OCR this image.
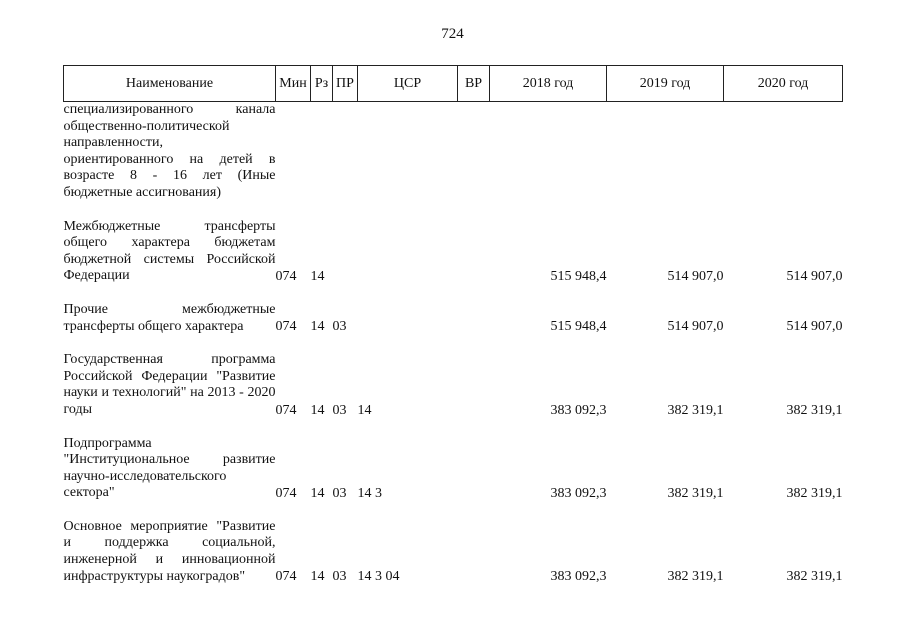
724
Наименование	Мин	Рз	ПР	ЦСР	ВР	2018 год	2019 год	2020 год
специализированного канала общественно-политической направленности, ориентированного на детей в возрасте 8 - 16 лет (Иные бюджетные ассигнования)								
Межбюджетные трансферты общего характера бюджетам бюджетной системы Российской Федерации	074	14				515 948,4	514 907,0	514 907,0
Прочие межбюджетные трансферты общего характера	074	14	03			515 948,4	514 907,0	514 907,0
Государственная программа Российской Федерации "Развитие науки и технологий" на 2013 - 2020 годы	074	14	03	14		383 092,3	382 319,1	382 319,1
Подпрограмма "Институциональное развитие научно-исследовательского сектора"	074	14	03	14 3		383 092,3	382 319,1	382 319,1
Основное мероприятие "Развитие и поддержка социальной, инженерной и инновационной инфраструктуры наукоградов"	074	14	03	14 3 04		383 092,3	382 319,1	382 319,1
